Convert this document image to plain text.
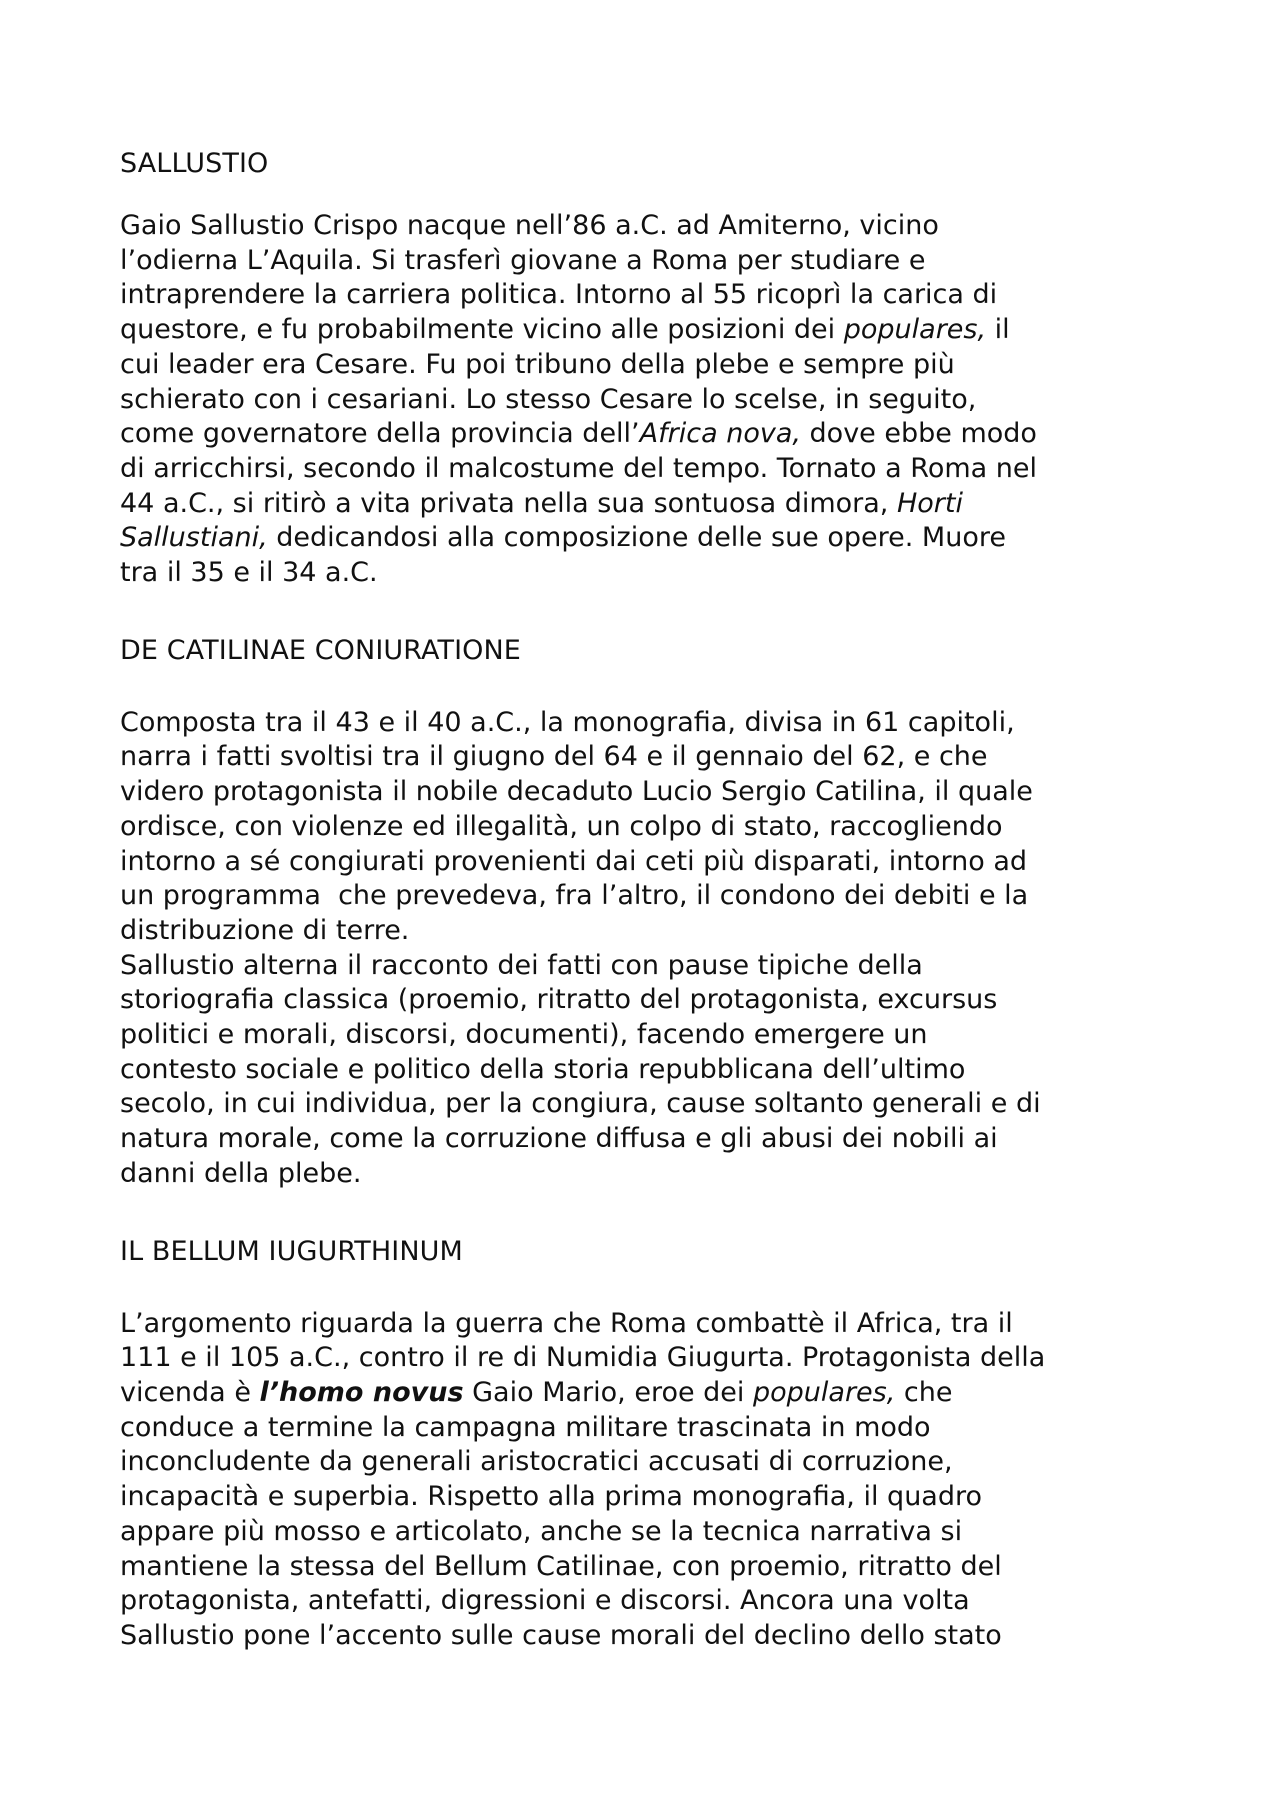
SALLUSTIO

Gaio Sallustio Crispo nacque nell’86 a.C. ad Amiterno, vicino
l’odierna L’Aquila. Si trasferì giovane a Roma per studiare e
intraprendere la carriera politica. Intorno al 55 ricoprì la carica di
questore, e fu probabilmente vicino alle posizioni dei populares, il
cui leader era Cesare. Fu poi tribuno della plebe e sempre più
schierato con i cesariani. Lo stesso Cesare lo scelse, in seguito,
come governatore della provincia dell’Africa nova, dove ebbe modo
di arricchirsi, secondo il malcostume del tempo. Tornato a Roma nel
44 a.C., si ritirò a vita privata nella sua sontuosa dimora, Horti
Sallustiani, dedicandosi alla composizione delle sue opere. Muore
tra il 35 e il 34 a.C.

DE CATILINAE CONIURATIONE

Composta tra il 43 e il 40 a.C., la monografia, divisa in 61 capitoli,
narra i fatti svoltisi tra il giugno del 64 e il gennaio del 62, e che
videro protagonista il nobile decaduto Lucio Sergio Catilina, il quale
ordisce, con violenze ed illegalità, un colpo di stato, raccogliendo
intorno a sé congiurati provenienti dai ceti più disparati, intorno ad
un programma  che prevedeva, fra l’altro, il condono dei debiti e la
distribuzione di terre.
Sallustio alterna il racconto dei fatti con pause tipiche della
storiografia classica (proemio, ritratto del protagonista, excursus
politici e morali, discorsi, documenti), facendo emergere un
contesto sociale e politico della storia repubblicana dell’ultimo
secolo, in cui individua, per la congiura, cause soltanto generali e di
natura morale, come la corruzione diffusa e gli abusi dei nobili ai
danni della plebe.

IL BELLUM IUGURTHINUM

L’argomento riguarda la guerra che Roma combattè il Africa, tra il
111 e il 105 a.C., contro il re di Numidia Giugurta. Protagonista della
vicenda è l’homo novus Gaio Mario, eroe dei populares, che
conduce a termine la campagna militare trascinata in modo
inconcludente da generali aristocratici accusati di corruzione,
incapacità e superbia. Rispetto alla prima monografia, il quadro
appare più mosso e articolato, anche se la tecnica narrativa si
mantiene la stessa del Bellum Catilinae, con proemio, ritratto del
protagonista, antefatti, digressioni e discorsi. Ancora una volta
Sallustio pone l’accento sulle cause morali del declino dello stato
